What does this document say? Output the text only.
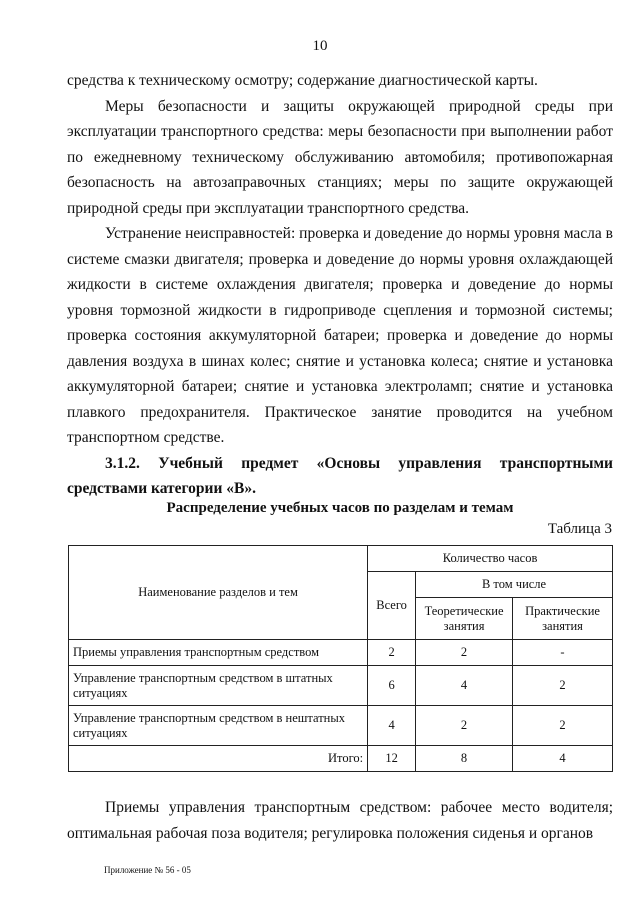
10

средства к техническому осмотру; содержание диагностической карты.

Меры безопасности и защиты окружающей природной среды при эксплуатации транспортного средства: меры безопасности при выполнении работ по ежедневному техническому обслуживанию автомобиля; противопожарная безопасность на автозаправочных станциях; меры по защите окружающей природной среды при эксплуатации транспортного средства.

Устранение неисправностей: проверка и доведение до нормы уровня масла в системе смазки двигателя; проверка и доведение до нормы уровня охлаждающей жидкости в системе охлаждения двигателя; проверка и доведение до нормы уровня тормозной жидкости в гидроприводе сцепления и тормозной системы; проверка состояния аккумуляторной батареи; проверка и доведение до нормы давления воздуха в шинах колес; снятие и установка колеса; снятие и установка аккумуляторной батареи; снятие и установка электроламп; снятие и установка плавкого предохранителя. Практическое занятие проводится на учебном транспортном средстве.

3.1.2. Учебный предмет «Основы управления транспортными средствами категории «В».

Распределение учебных часов по разделам и темам
Таблица 3
Наименование разделов и тем	Количество часов		
	Всего	В том числе	
		Теоретические занятия	Практические занятия
Приемы управления транспортным средством	2	2	-
Управление транспортным средством в штатных ситуациях	6	4	2
Управление транспортным средством в нештатных ситуациях	4	2	2
Итого:	12	8	4

Приемы управления транспортным средством: рабочее место водителя; оптимальная рабочая поза водителя; регулировка положения сиденья и органов

Приложение № 56 - 05
